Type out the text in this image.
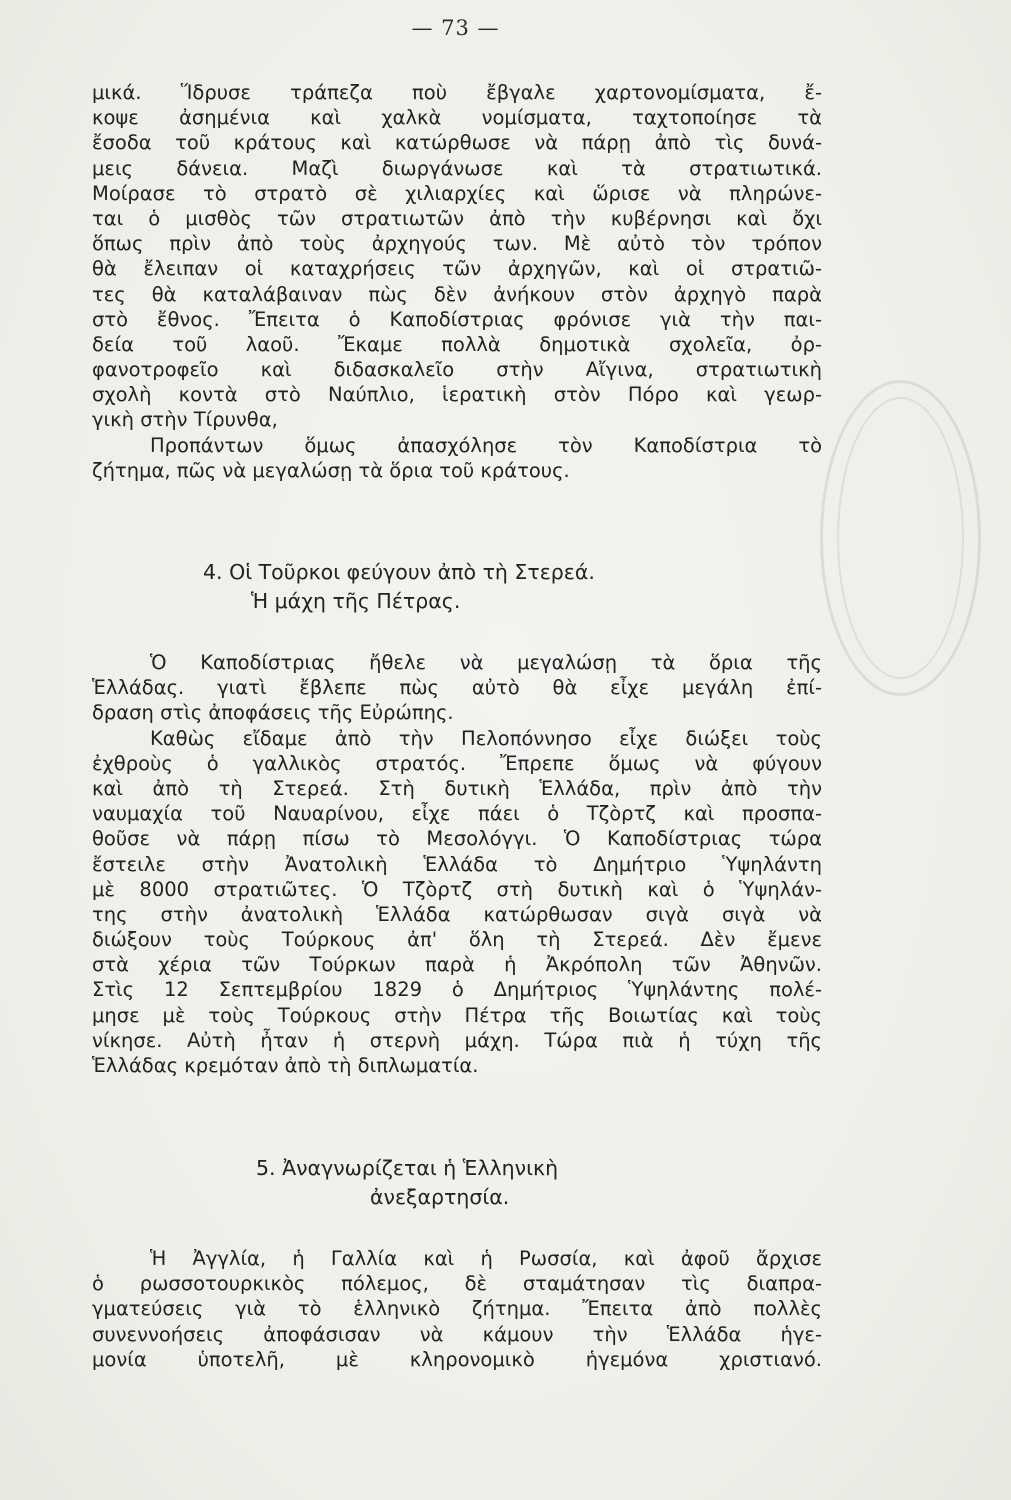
— 73 —
μικά. Ἵδρυσε τράπεζα ποὺ ἔβγαλε χαρτονομίσματα, ἔ-
κοψε ἀσημένια καὶ χαλκὰ νομίσματα, ταχτοποίησε τὰ
ἔσοδα τοῦ κράτους καὶ κατώρθωσε νὰ πάρῃ ἀπὸ τὶς δυνά-
μεις δάνεια. Μαζὶ διωργάνωσε καὶ τὰ στρατιωτικά.
Μοίρασε τὸ στρατὸ σὲ χιλιαρχίες καὶ ὥρισε νὰ πληρώνε-
ται ὁ μισθὸς τῶν στρατιωτῶν ἀπὸ τὴν κυβέρνησι καὶ ὄχι
ὅπως πρὶν ἀπὸ τοὺς ἀρχηγούς των. Μὲ αὐτὸ τὸν τρόπον
θὰ ἔλειπαν οἱ καταχρήσεις τῶν ἀρχηγῶν, καὶ οἱ στρατιῶ-
τες θὰ καταλάβαιναν πὼς δὲν ἀνήκουν στὸν ἀρχηγὸ παρὰ
στὸ ἔθνος. Ἔπειτα ὁ Καποδίστριας φρόνισε γιὰ τὴν παι-
δεία τοῦ λαοῦ. Ἔκαμε πολλὰ δημοτικὰ σχολεῖα, ὀρ-
φανοτροφεῖο καὶ διδασκαλεῖο στὴν Αἴγινα, στρατιωτικὴ
σχολὴ κοντὰ στὸ Ναύπλιο, ἱερατικὴ στὸν Πόρο καὶ γεωρ-
γικὴ στὴν Τίρυνθα,
Προπάντων ὅμως ἀπασχόλησε τὸν Καποδίστρια τὸ
ζήτημα, πῶς νὰ μεγαλώσῃ τὰ ὅρια τοῦ κράτους.
4. Οἱ Τοῦρκοι φεύγουν ἀπὸ τὴ Στερεά.
Ἡ μάχη τῆς Πέτρας.
Ὁ Καποδίστριας ἤθελε νὰ μεγαλώσῃ τὰ ὅρια τῆς
Ἑλλάδας. γιατὶ ἔβλεπε πὼς αὐτὸ θὰ εἶχε μεγάλη ἐπί-
δραση στὶς ἀποφάσεις τῆς Εὐρώπης.
Καθὼς εἴδαμε ἀπὸ τὴν Πελοπόννησο εἶχε διώξει τοὺς
ἐχθροὺς ὁ γαλλικὸς στρατός. Ἔπρεπε ὅμως νὰ φύγουν
καὶ ἀπὸ τὴ Στερεά. Στὴ δυτικὴ Ἑλλάδα, πρὶν ἀπὸ τὴν
ναυμαχία τοῦ Ναυαρίνου, εἶχε πάει ὁ Τζὸρτζ καὶ προσπα-
θοῦσε νὰ πάρῃ πίσω τὸ Μεσολόγγι. Ὁ Καποδίστριας τώρα
ἔστειλε στὴν Ἀνατολικὴ Ἑλλάδα τὸ Δημήτριο Ὑψηλάντη
μὲ 8000 στρατιῶτες. Ὁ Τζὸρτζ στὴ δυτικὴ καὶ ὁ Ὑψηλάν-
της στὴν ἀνατολικὴ Ἑλλάδα κατώρθωσαν σιγὰ σιγὰ νὰ
διώξουν τοὺς Τούρκους ἀπ' ὅλη τὴ Στερεά. Δὲν ἔμενε
στὰ χέρια τῶν Τούρκων παρὰ ἡ Ἀκρόπολη τῶν Ἀθηνῶν.
Στὶς 12 Σεπτεμβρίου 1829 ὁ Δημήτριος Ὑψηλάντης πολέ-
μησε μὲ τοὺς Τούρκους στὴν Πέτρα τῆς Βοιωτίας καὶ τοὺς
νίκησε. Αὐτὴ ἦταν ἡ στερνὴ μάχη. Τώρα πιὰ ἡ τύχη τῆς
Ἑλλάδας κρεμόταν ἀπὸ τὴ διπλωματία.
5. Ἀναγνωρίζεται ἡ Ἑλληνικὴ
ἀνεξαρτησία.
Ἡ Ἀγγλία, ἡ Γαλλία καὶ ἡ Ρωσσία, καὶ ἀφοῦ ἄρχισε
ὁ ρωσσοτουρκικὸς πόλεμος, δὲ σταμάτησαν τὶς διαπρα-
γματεύσεις γιὰ τὸ ἑλληνικὸ ζήτημα. Ἔπειτα ἀπὸ πολλὲς
συνεννοήσεις ἀποφάσισαν νὰ κάμουν τὴν Ἑλλάδα ἡγε-
μονία ὑποτελῆ, μὲ κληρονομικὸ ἡγεμόνα χριστιανό.
